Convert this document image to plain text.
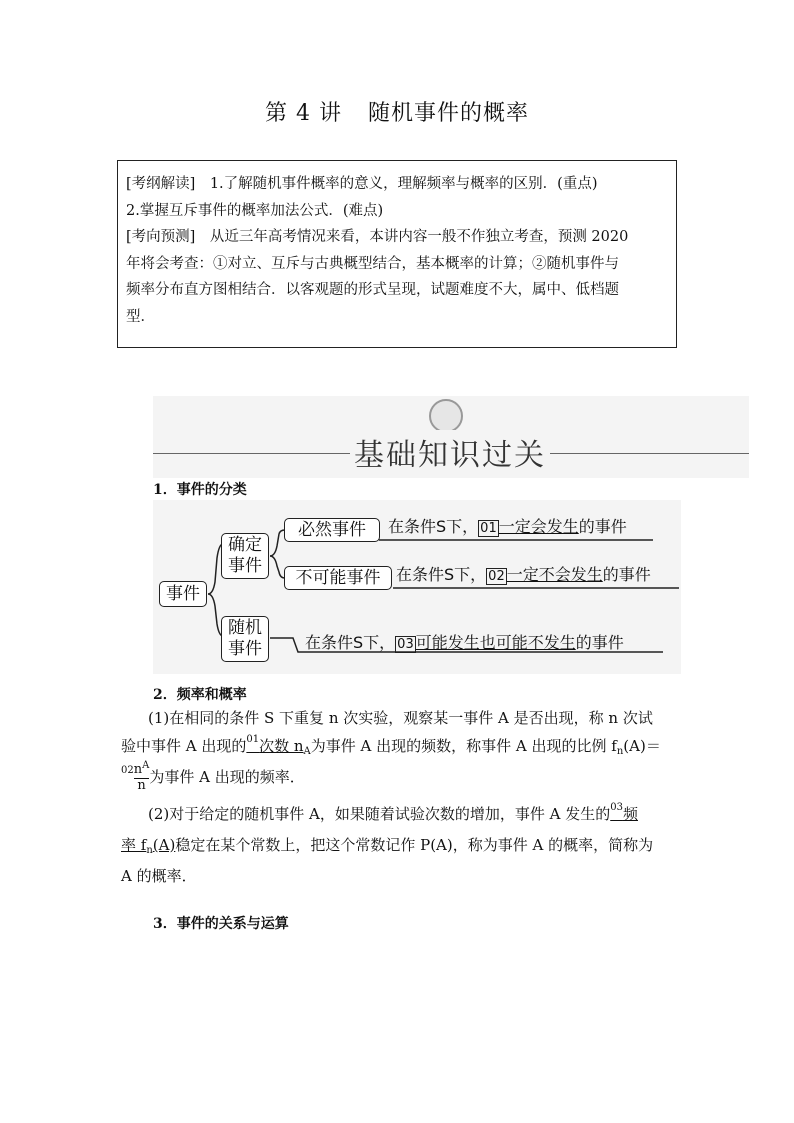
第 4 讲 随机事件的概率

[考纲解读]　 1.了解随机事件概率的意义，理解频率与概率的区别．(重点)

2.掌握互斥事件的概率加法公式．(难点)

[考向预测]　 从近三年高考情况来看，本讲内容一般不作独立考查，预测 2020

年将会考查：①对立、互斥与古典概型结合，基本概率的计算；②随机事件与

频率分布直方图相结合．以客观题的形式呈现，试题难度不大，属中、低档题

型．

基础知识过关
1．事件的分类
事件
确定事件
随机事件
必然事件
不可能事件
在条件S下， 01 一定会发生的事件
在条件S下， 02 一定不会发生的事件
在条件S下， 03 可能发生也可能不发生的事件
2．频率和概率
(1)在相同的条件 S 下重复 n 次实验，观察某一事件 A 是否出现，称 n 次试
验中事件 A 出现的$^{01}$次数 $n_A$为事件 A 出现的频数，称事件 A 出现的比例 $f_n(A)=$
$^{02} \frac{n^A}{n}$ 为事件 A 出现的频率．
(2)对于给定的随机事件 A，如果随着试验次数的增加，事件 A 发生的$^{03}$频
率 $f_n(A)$稳定在某个常数上，把这个常数记作 P(A)，称为事件 A 的概率，简称为
A 的概率．
3．事件的关系与运算
